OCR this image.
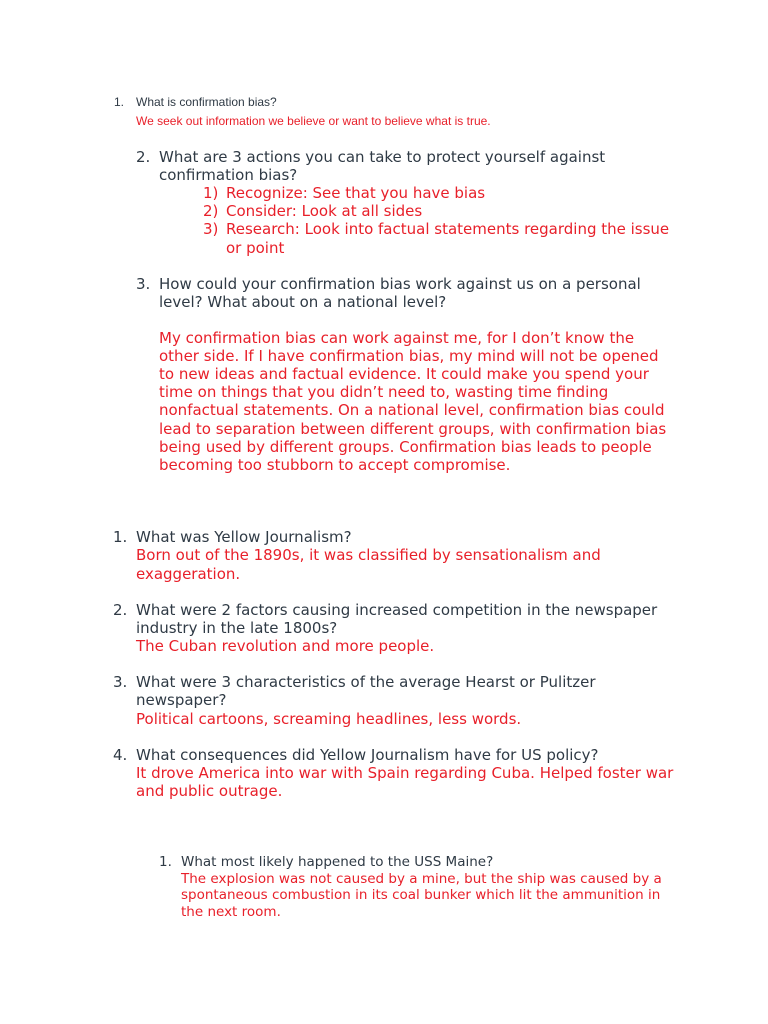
1. What is confirmation bias?
We seek out information we believe or want to believe what is true.
2. What are 3 actions you can take to protect yourself against
confirmation bias?
1) Recognize: See that you have bias
2) Consider: Look at all sides
3) Research: Look into factual statements regarding the issue
or point
3. How could your confirmation bias work against us on a personal
level? What about on a national level?
My confirmation bias can work against me, for I don’t know the
other side. If I have confirmation bias, my mind will not be opened
to new ideas and factual evidence. It could make you spend your
time on things that you didn’t need to, wasting time finding
nonfactual statements. On a national level, confirmation bias could
lead to separation between different groups, with confirmation bias
being used by different groups. Confirmation bias leads to people
becoming too stubborn to accept compromise.
1. What was Yellow Journalism?
Born out of the 1890s, it was classified by sensationalism and
exaggeration.
2. What were 2 factors causing increased competition in the newspaper
industry in the late 1800s?
The Cuban revolution and more people.
3. What were 3 characteristics of the average Hearst or Pulitzer
newspaper?
Political cartoons, screaming headlines, less words.
4. What consequences did Yellow Journalism have for US policy?
It drove America into war with Spain regarding Cuba. Helped foster war
and public outrage.
1. What most likely happened to the USS Maine?
The explosion was not caused by a mine, but the ship was caused by a
spontaneous combustion in its coal bunker which lit the ammunition in
the next room.
